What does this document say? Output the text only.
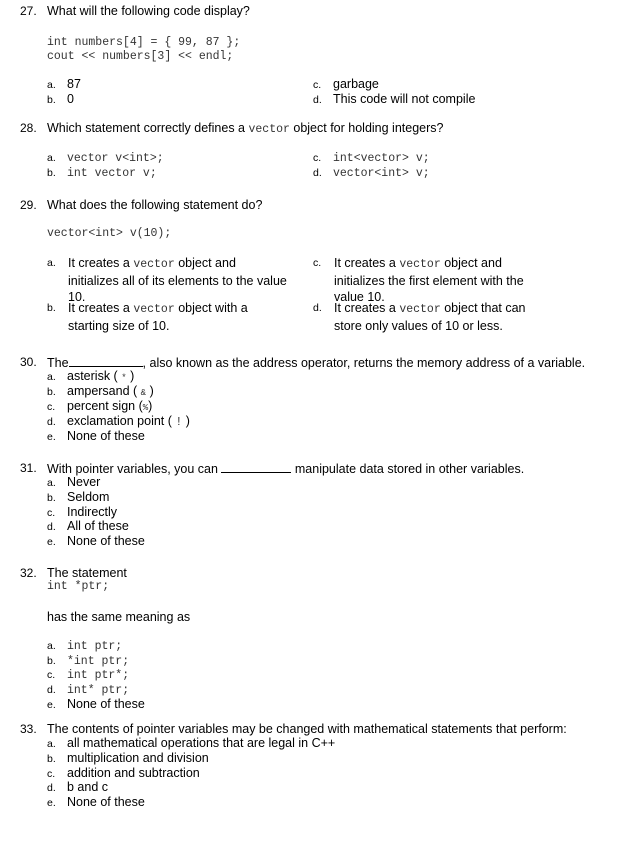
27. What will the following code display?
int numbers[4] = { 99, 87 };
cout << numbers[3] << endl;
a. 87
b. 0
c. garbage
d. This code will not compile
28. Which statement correctly defines a vector object for holding integers?
a. vector v<int>;
b. int vector v;
c. int<vector> v;
d. vector<int> v;
29. What does the following statement do?
vector<int> v(10);
a. It creates a vector object and initializes all of its elements to the value 10.
c.	It creates a vector object and initializes the first element with the value 10.
b. It creates a vector object with a starting size of 10.
d. It creates a vector object that can store only values of 10 or less.
30. The	, also known as the address operator, returns the memory address of a variable.
a. asterisk ( * )
b. ampersand ( & )
c. percent sign (%)
d. exclamation point ( ! )
e. None of these
31. With pointer variables, you can	manipulate data stored in other variables.
a. Never
b. Seldom
c. Indirectly
d. All of these
e. None of these
32. The statement
int *ptr;
has the same meaning as
a. int ptr;
b. *int ptr;
c. int ptr*;
d. int* ptr;
e. None of these
33. The contents of pointer variables may be changed with mathematical statements that perform:
a. all mathematical operations that are legal in C++
b. multiplication and division
c. addition and subtraction
d. b and c
e. None of these
